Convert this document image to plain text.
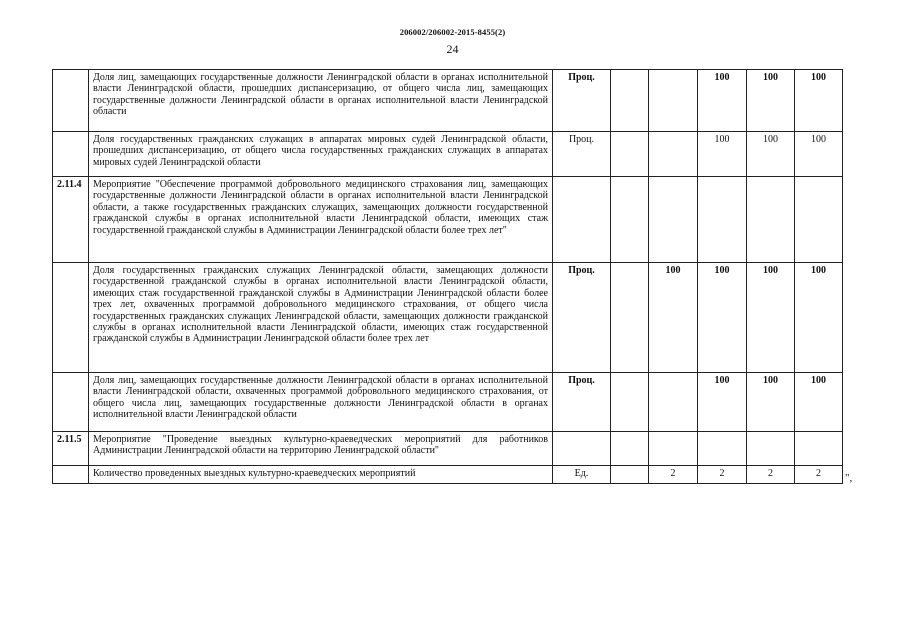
206002/206002-2015-8455(2)
24
	Доля лиц, замещающих государственные должности Ленинградской области в органах исполнительной власти Ленинградской области, прошедших диспансеризацию, от общего числа лиц, замещающих государственные должности Ленинградской области в органах исполнительной власти Ленинградской области	Проц.			100	100	100
	Доля государственных гражданских служащих в аппаратах мировых судей Ленинградской области, прошедших диспансеризацию, от общего числа государственных гражданских служащих в аппаратах мировых судей Ленинградской области	Проц.			100	100	100
2.11.4	Мероприятие "Обеспечение программой добровольного медицинского страхования лиц, замещающих государственные должности Ленинградской области в органах исполнительной власти Ленинградской области, а также государственных гражданских служащих, замещающих должности государственной гражданской службы в органах исполнительной власти Ленинградской области, имеющих стаж государственной гражданской службы в Администрации Ленинградской области более трех лет"						
	Доля государственных гражданских служащих Ленинградской области, замещающих должности государственной гражданской службы в органах исполнительной власти Ленинградской области, имеющих стаж государственной гражданской службы в Администрации Ленинградской области более трех лет, охваченных программой добровольного медицинского страхования, от общего числа государственных гражданских служащих Ленинградской области, замещающих должности гражданской службы в органах исполнительной власти Ленинградской области, имеющих стаж государственной гражданской службы в Администрации Ленинградской области более трех лет	Проц.		100	100	100	100
	Доля лиц, замещающих государственные должности Ленинградской области в органах исполнительной власти Ленинградской области, охваченных программой добровольного медицинского страхования, от общего числа лиц, замещающих государственные должности Ленинградской области в органах исполнительной власти Ленинградской области	Проц.			100	100	100
2.11.5	Мероприятие "Проведение выездных культурно-краеведческих мероприятий для работников Администрации Ленинградской области на территорию Ленинградской области"						
	Количество проведенных выездных культурно-краеведческих мероприятий	Ед.		2	2	2	2 ",
